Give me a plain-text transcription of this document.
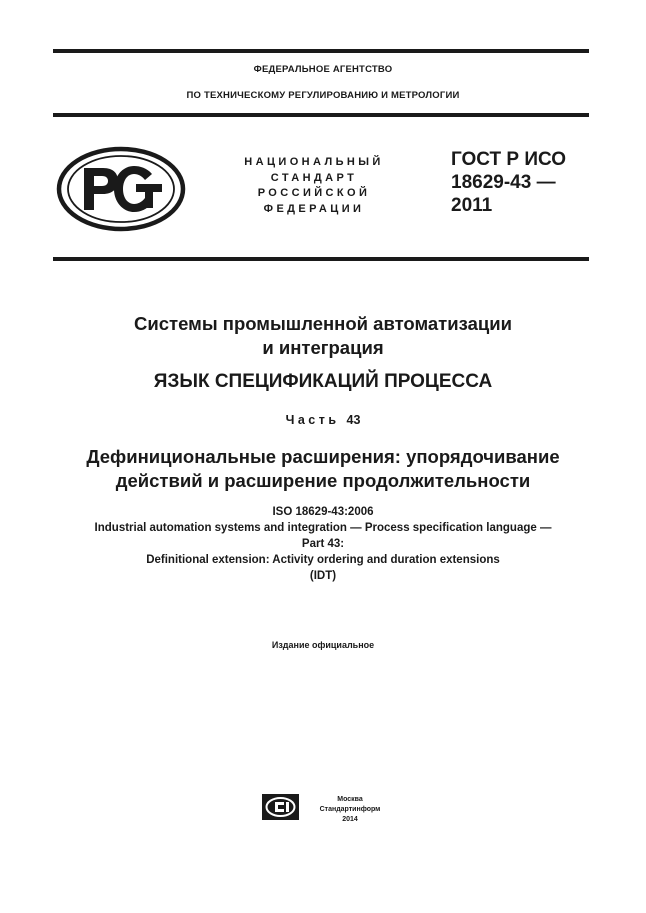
ФЕДЕРАЛЬНОЕ АГЕНТСТВО
ПО ТЕХНИЧЕСКОМУ РЕГУЛИРОВАНИЮ И МЕТРОЛОГИИ
НАЦИОНАЛЬНЫЙ
СТАНДАРТ
РОССИЙСКОЙ
ФЕДЕРАЦИИ
ГОСТ Р ИСО
18629-43 —
2011
Системы промышленной автоматизации
и интеграция
ЯЗЫК СПЕЦИФИКАЦИЙ ПРОЦЕССА
Часть 43
Дефинициональные расширения: упорядочивание
действий и расширение продолжительности
ISO 18629-43:2006
Industrial automation systems and integration — Process specification language —
Part 43:
Definitional extension: Activity ordering and duration extensions
(IDT)
Издание официальное
Москва
Стандартинформ
2014
